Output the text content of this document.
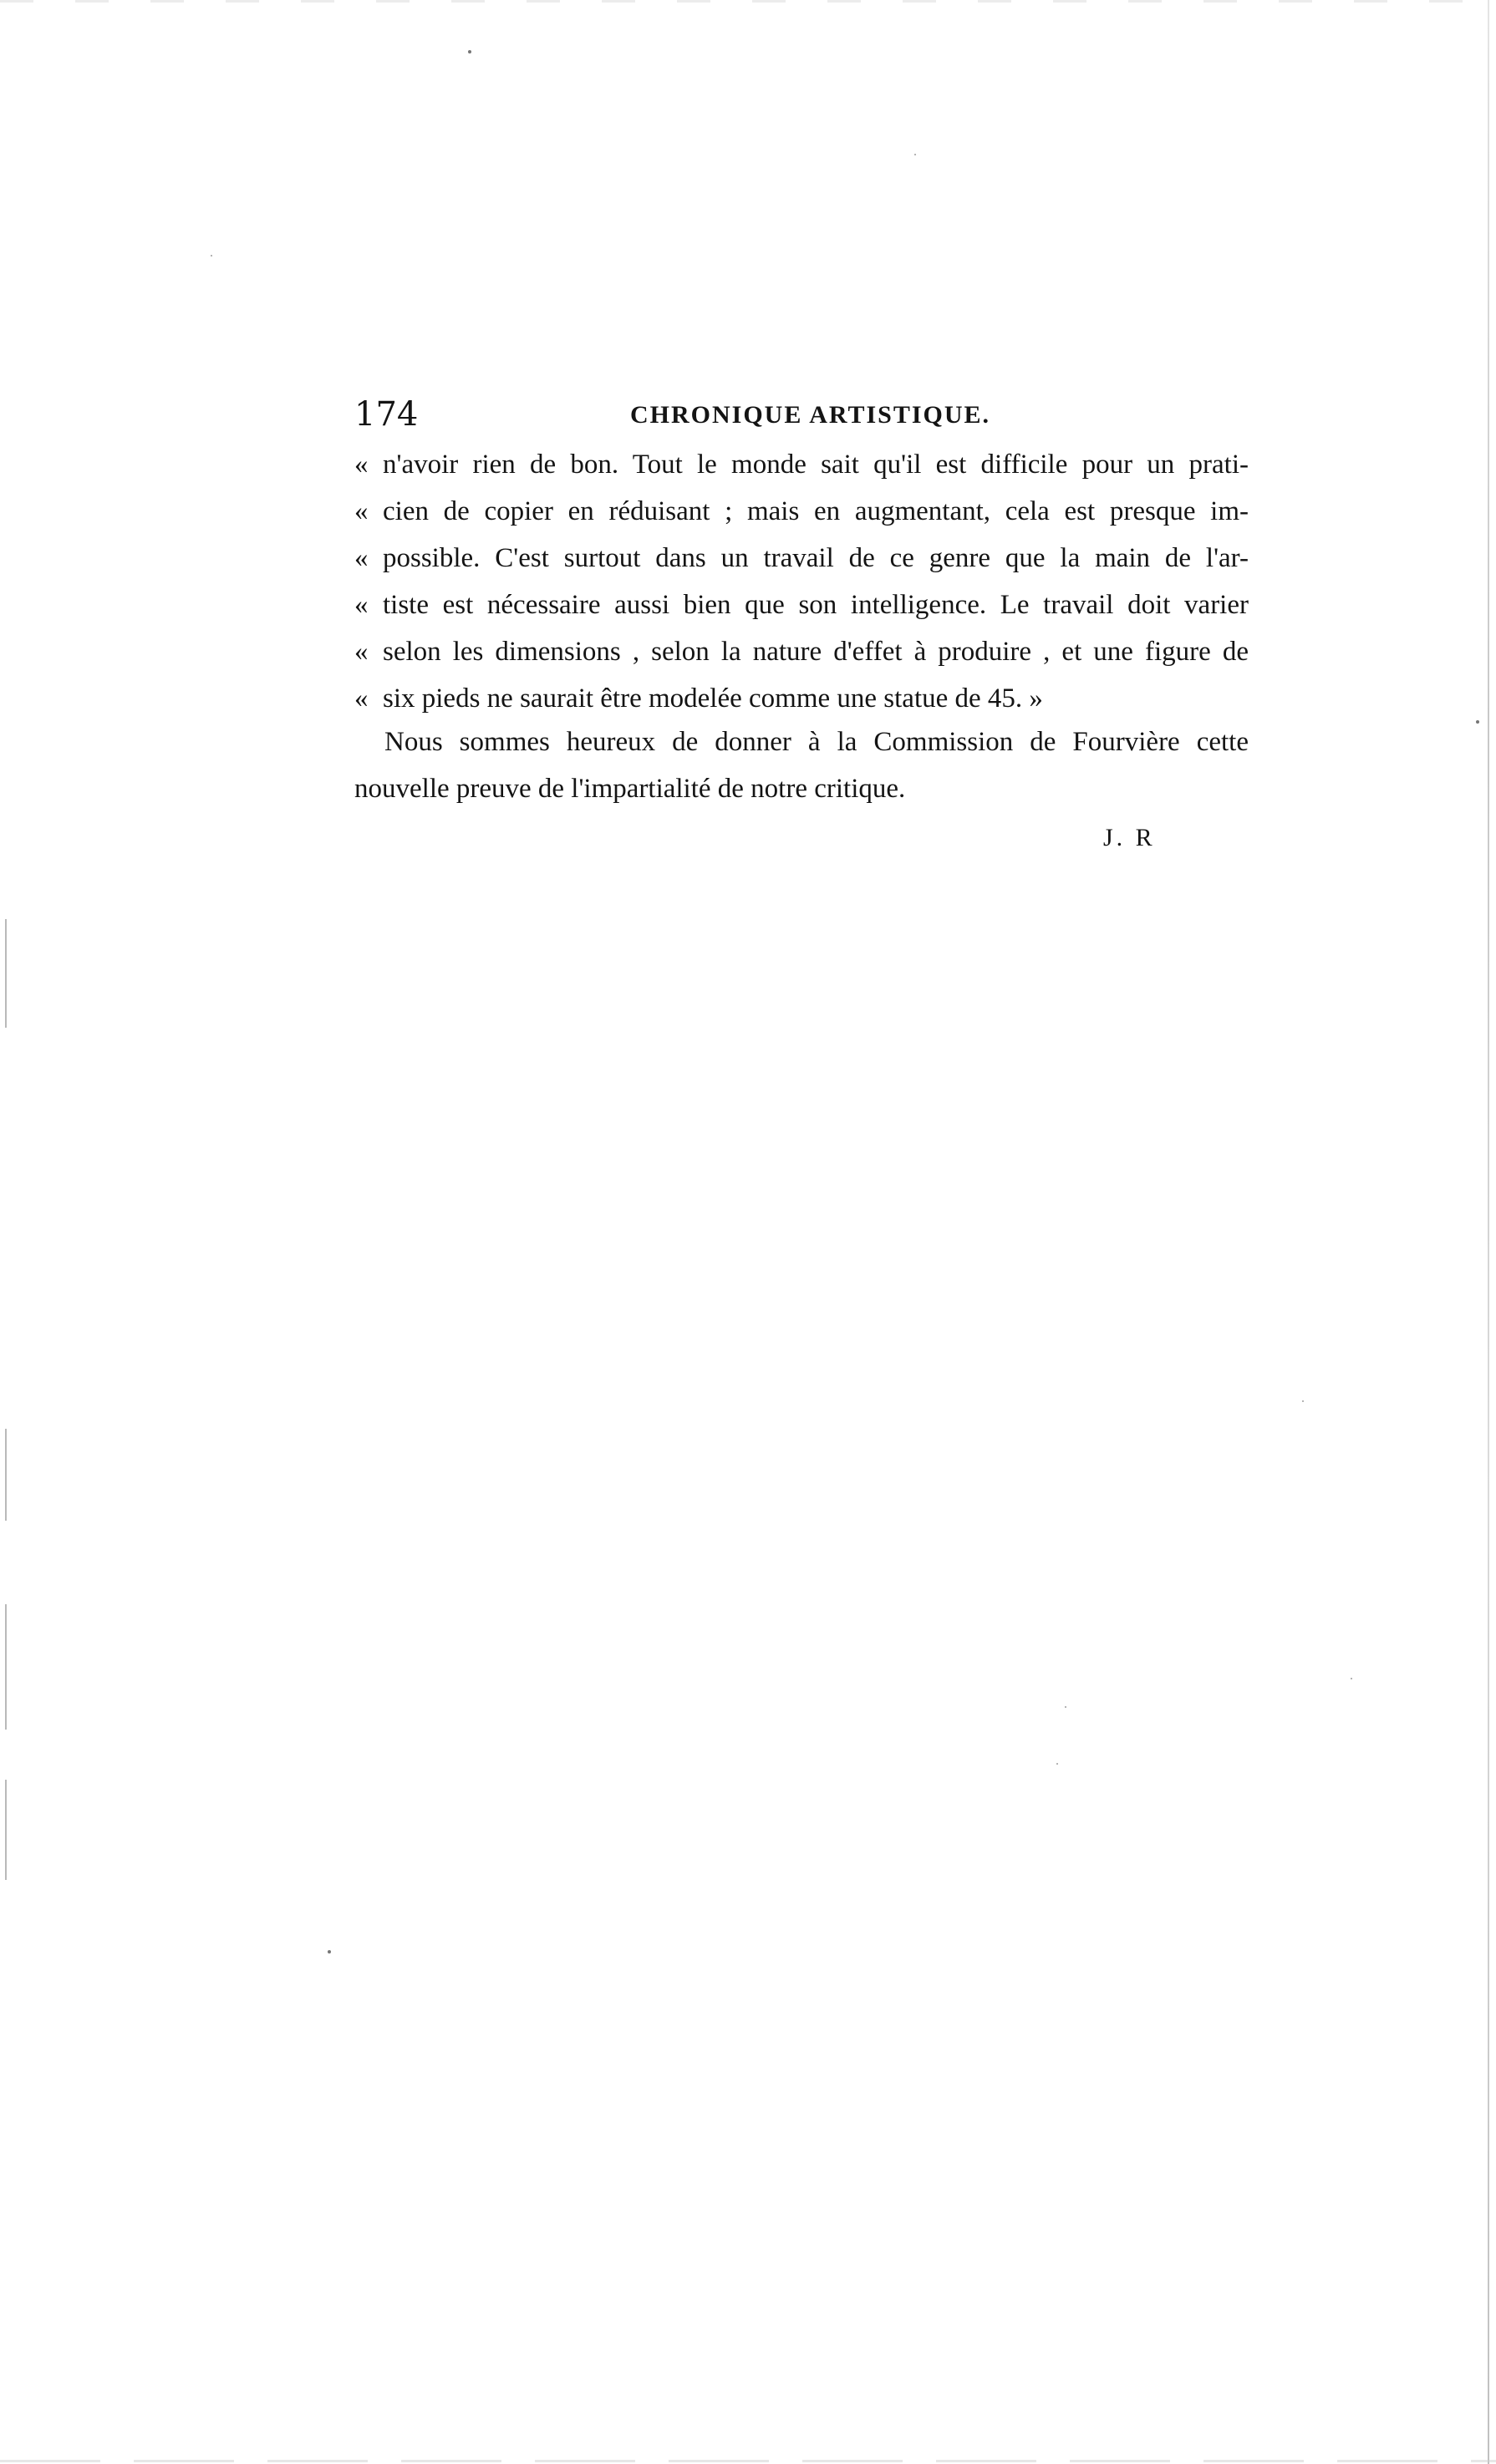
174	CHRONIQUE ARTISTIQUE.
« n'avoir rien de bon. Tout le monde sait qu'il est difficile pour un prati-
« cien de copier en réduisant ; mais en augmentant, cela est presque im-
« possible. C'est surtout dans un travail de ce genre que la main de l'ar-
« tiste est nécessaire aussi bien que son intelligence. Le travail doit varier
« selon les dimensions , selon la nature d'effet à produire , et une figure de
« six pieds ne saurait être modelée comme une statue de 45. »
Nous sommes heureux de donner à la Commission de Fourvière cette
nouvelle preuve de l'impartialité de notre critique.
J. R
